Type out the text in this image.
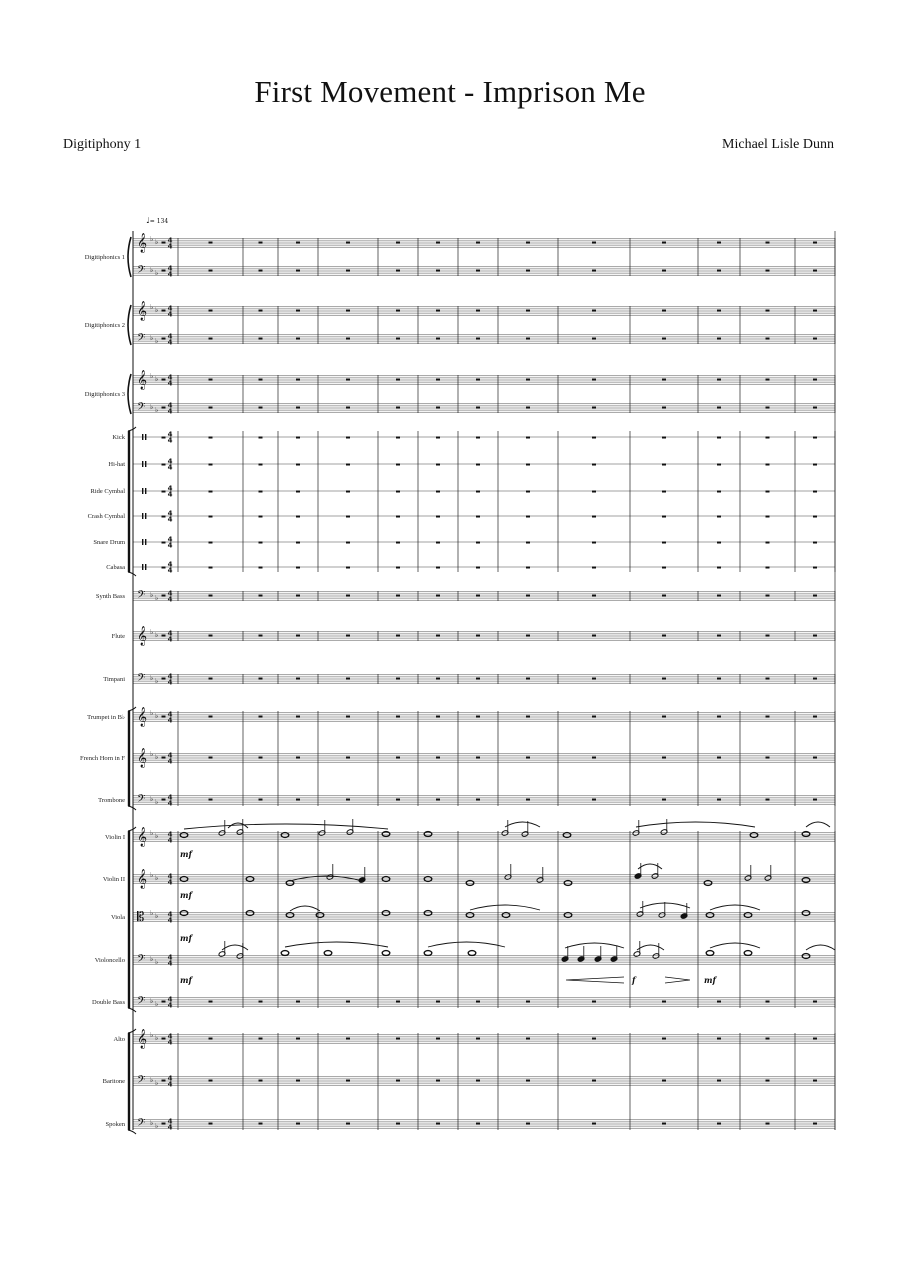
First Movement - Imprison Me
Digitiphony 1	Michael Lisle Dunn
♩= 134
Digitiphonics 1
𝄞 ♭ ♭ 4
4
𝄢 ♭ ♭
4
4
Digitiphonics 2
𝄞 ♭ ♭ 4
4
𝄢 ♭ ♭
4
4
Digitiphonics 3
𝄞 ♭ ♭ 4
4
𝄢 ♭ ♭
4
4
Kick	4
4
Hi-hat	4
4
Ride Cymbal	4
4
Crash Cymbal	4
4
Snare Drum	4
4
Cabasa	4
4
Synth Bass 𝄢 ♭ ♭
4
4
Flute 𝄞 ♭ ♭ 4
4
Timpani 𝄢 ♭ ♭
4
4
Trumpet in B♭ 𝄞 ♭ ♭ 4
4
French Horn in F 𝄞 ♭ ♭ 4
4
Trombone 𝄢 ♭ ♭
4
4
Violin I 𝄞 ♭ ♭ 4
4
Violin II 𝄞 ♭ ♭ 4
4
Viola 𝄡 ♭ ♭ 4
4
Violoncello 𝄢 ♭ ♭
4
4
Double Bass 𝄢 ♭ ♭
4
4
Alto 𝄞 ♭ ♭ 4
4
Baritone 𝄢 ♭ ♭
4
4
Spoken 𝄢 ♭ ♭
4
4
mf
mf
mf
mf	f	mf
